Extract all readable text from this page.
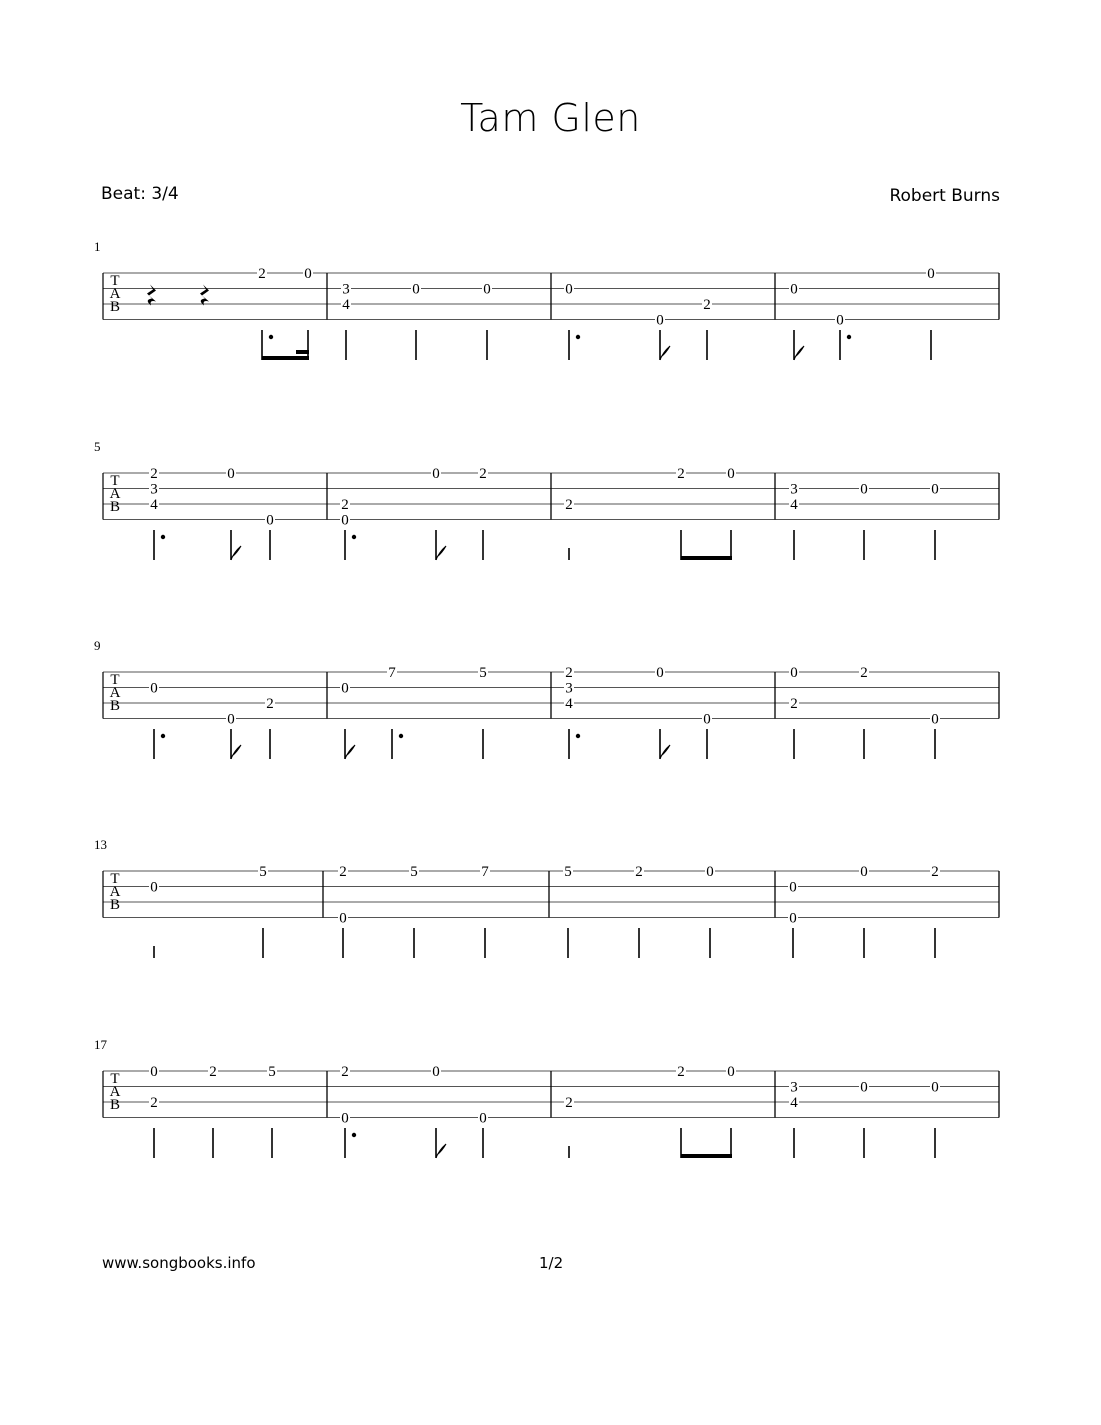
Tam Glen
Beat: 3/4	Robert Burns
1
T
A
B
2	0
3
4
0	0	0
0
2
0
0
0
5
T
A
B
2
3
4
0
0
2
0
0	2
2
2	0
3
4
0	0
9
T
A
B
0
0
2
0
7	5	2
3
4
0
0
0
2
2
0
13
T
A
B
0
5	2
0
5	7	5	2	0
0
0
0	2
17
T
A
B
0
2
2	5	2
0
0
0
2
2	0
3
4
0	0
www.songbooks.info	1/2
